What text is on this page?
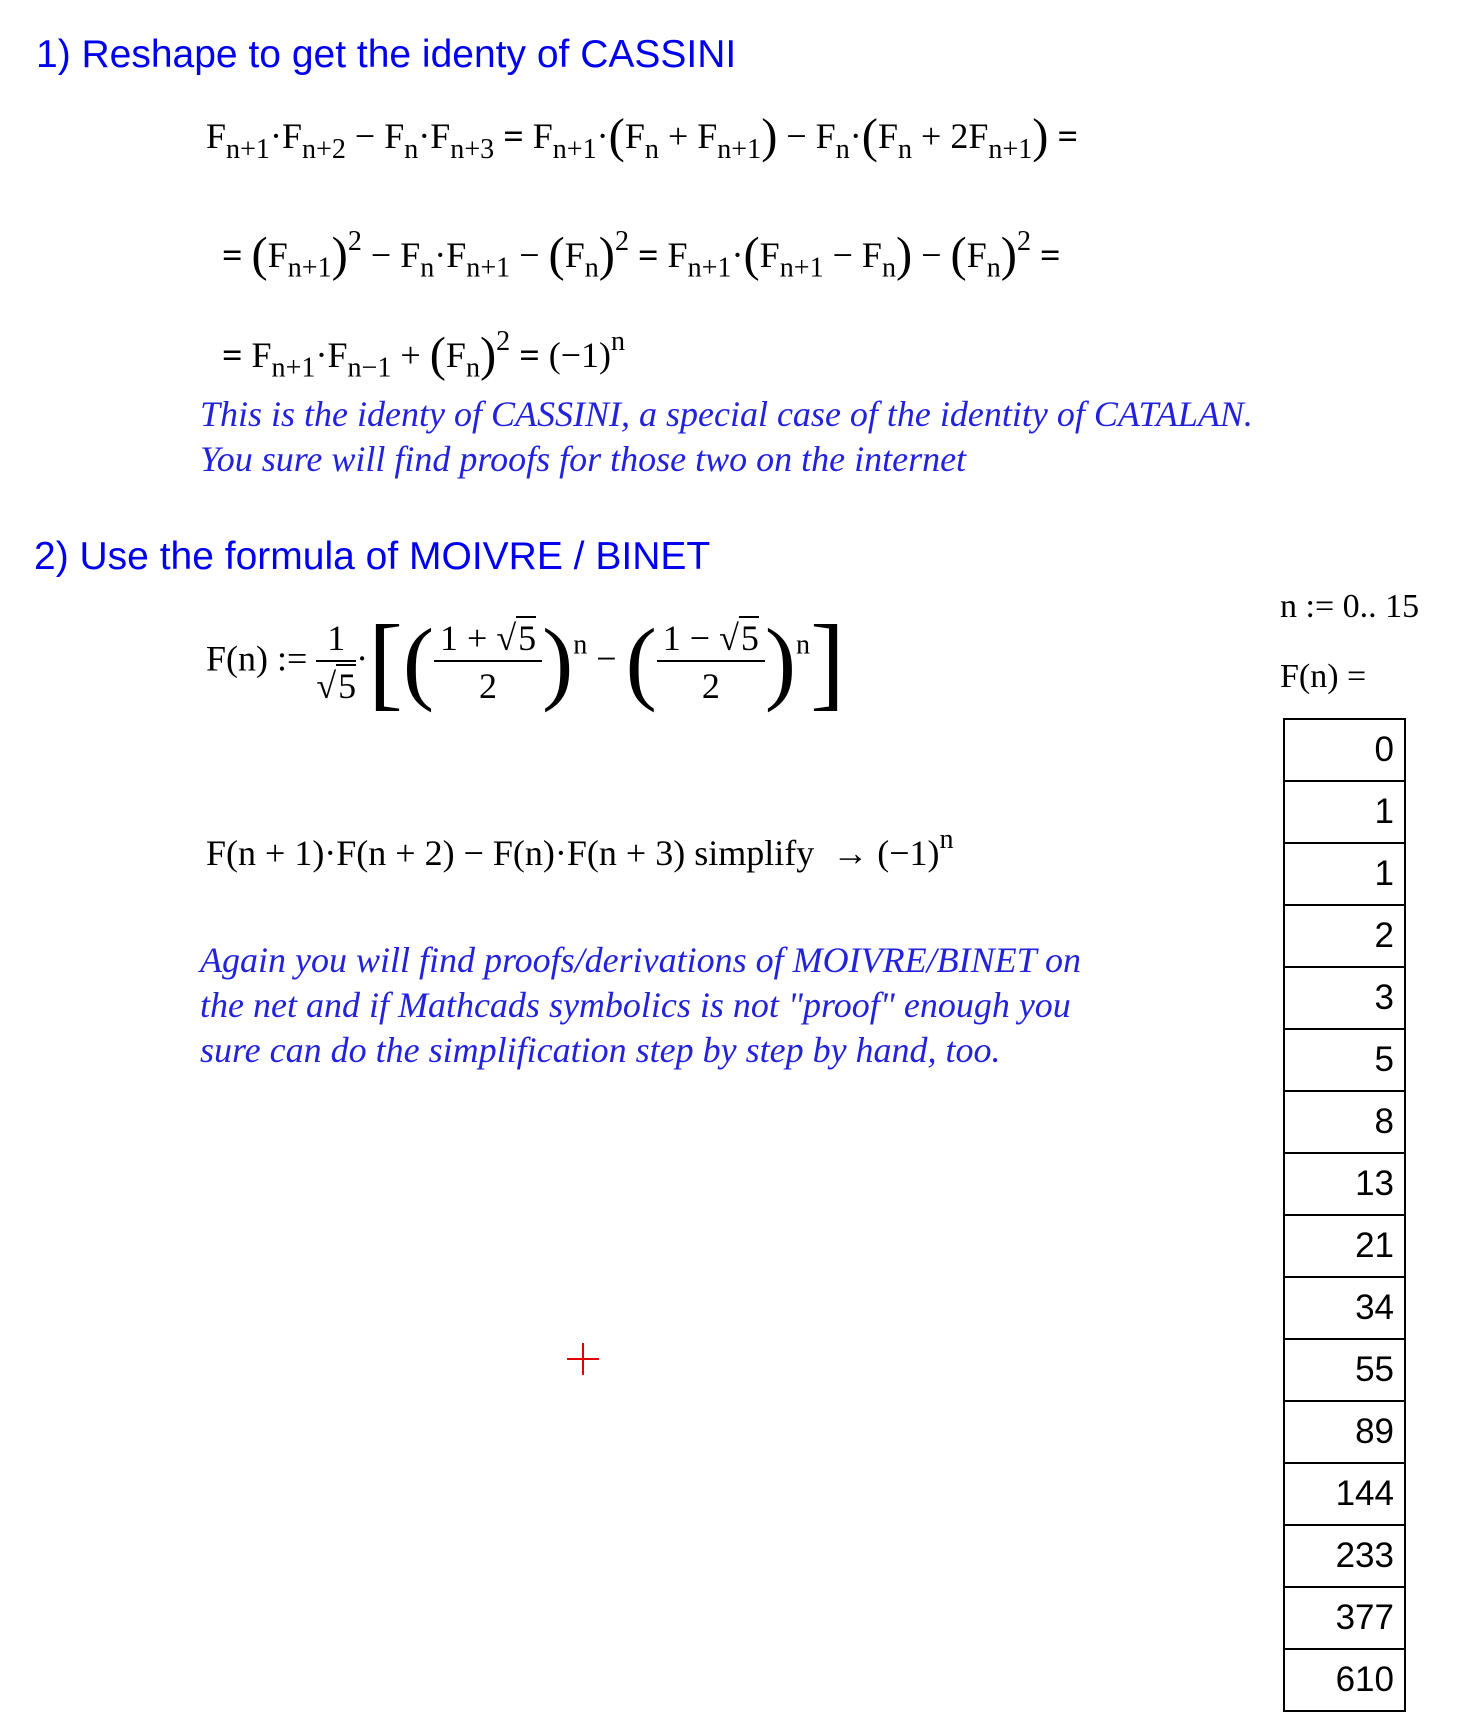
1) Reshape to get the identy of CASSINI
$F_{n+1}\cdot F_{n+2} - F_n\cdot F_{n+3} = F_{n+1}\cdot(F_n + F_{n+1}) - F_n\cdot(F_n + 2F_{n+1})$ =
= $(F_{n+1})^2 - F_n\cdot F_{n+1} - (F_n)^2 = F_{n+1}\cdot(F_{n+1} - F_n) - (F_n)^2$ =
= $F_{n+1}\cdot F_{n-1} + (F_n)^2 = (-1)^n$
This is the identy of CASSINI, a special case of the identity of CATALAN.
You sure will find proofs for those two on the internet
2) Use the formula of MOIVRE / BINET
F(n) := $\frac{1}{√5}$ ·[( $\frac{1 + √5}{2} )^n$ − ( $\frac{1 - √5}{2} )^n$]
F(n + 1)·F(n + 2) − F(n)·F(n + 3) simplify  → $(-1)^n$
Again you will find proofs/derivations of MOIVRE/BINET on
the net and if Mathcads symbolics is not "proof" enough you
sure can do the simplification step by step by hand, too.
n := 0.. 15
F(n) =
0
1
1
2
3
5
8
13
21
34
55
89
144
233
377
610
